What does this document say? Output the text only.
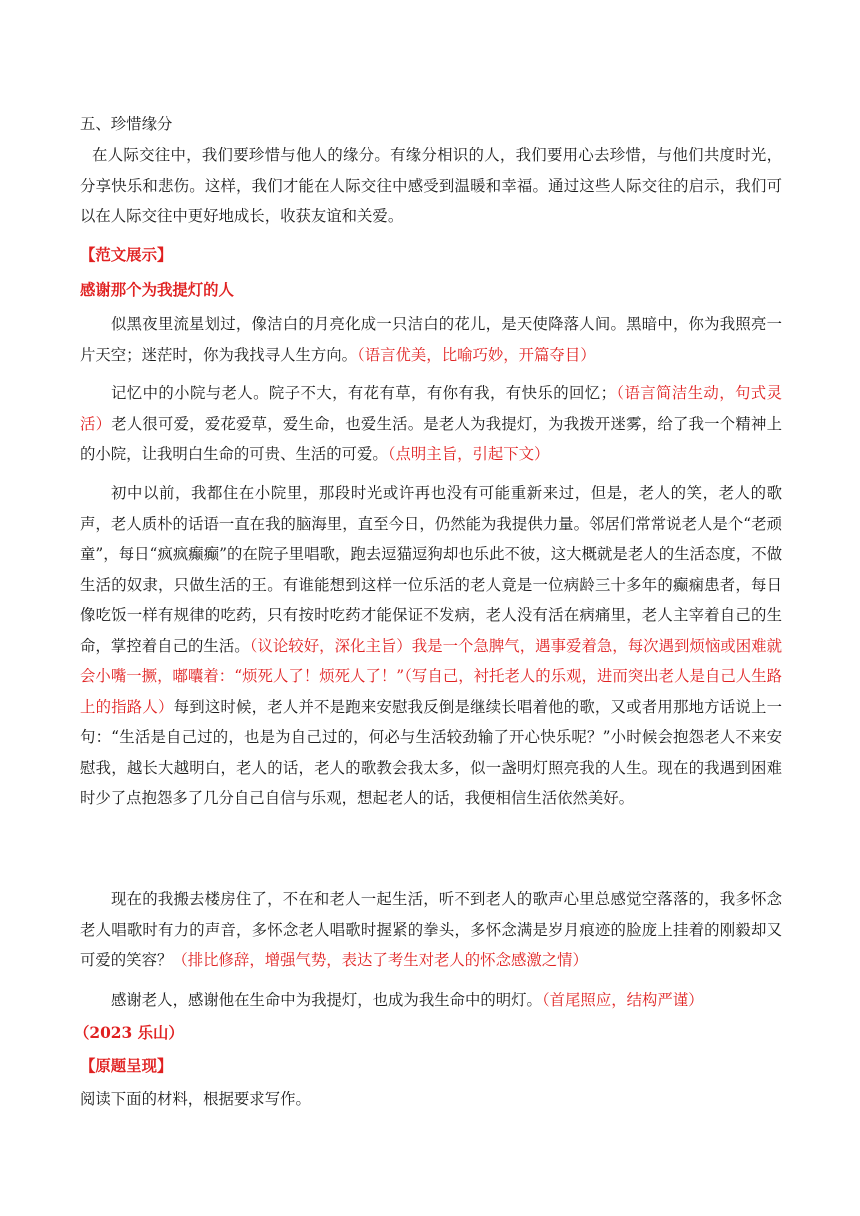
五、珍惜缘分

在人际交往中，我们要珍惜与他人的缘分。有缘分相识的人，我们要用心去珍惜，与他们共度时光，分享快乐和悲伤。这样，我们才能在人际交往中感受到温暖和幸福。通过这些人际交往的启示，我们可以在人际交往中更好地成长，收获友谊和关爱。

【范文展示】

感谢那个为我提灯的人

似黑夜里流星划过，像洁白的月亮化成一只洁白的花儿，是天使降落人间。黑暗中，你为我照亮一片天空；迷茫时，你为我找寻人生方向。（语言优美，比喻巧妙，开篇夺目）

记忆中的小院与老人。院子不大，有花有草，有你有我，有快乐的回忆；（语言简洁生动，句式灵活）老人很可爱，爱花爱草，爱生命，也爱生活。是老人为我提灯，为我拨开迷雾，给了我一个精神上的小院，让我明白生命的可贵、生活的可爱。（点明主旨，引起下文）

初中以前，我都住在小院里，那段时光或许再也没有可能重新来过，但是，老人的笑，老人的歌声，老人质朴的话语一直在我的脑海里，直至今日，仍然能为我提供力量。邻居们常常说老人是个“老顽童”，每日“疯疯癫癫”的在院子里唱歌，跑去逗猫逗狗却也乐此不彼，这大概就是老人的生活态度，不做生活的奴隶，只做生活的王。有谁能想到这样一位乐活的老人竟是一位病龄三十多年的癫痫患者，每日像吃饭一样有规律的吃药，只有按时吃药才能保证不发病，老人没有活在病痛里，老人主宰着自己的生命，掌控着自己的生活。（议论较好，深化主旨）我是一个急脾气，遇事爱着急，每次遇到烦恼或困难就会小嘴一撅，嘟囔着：“烦死人了！烦死人了！”（写自己，衬托老人的乐观，进而突出老人是自己人生路上的指路人）每到这时候，老人并不是跑来安慰我反倒是继续长唱着他的歌，又或者用那地方话说上一句：“生活是自己过的，也是为自己过的，何必与生活较劲输了开心快乐呢？”小时候会抱怨老人不来安慰我，越长大越明白，老人的话，老人的歌教会我太多，似一盏明灯照亮我的人生。现在的我遇到困难时少了点抱怨多了几分自己自信与乐观，想起老人的话，我便相信生活依然美好。

现在的我搬去楼房住了，不在和老人一起生活，听不到老人的歌声心里总感觉空落落的，我多怀念老人唱歌时有力的声音，多怀念老人唱歌时握紧的拳头，多怀念满是岁月痕迹的脸庞上挂着的刚毅却又可爱的笑容？（排比修辞，增强气势，表达了考生对老人的怀念感激之情）

感谢老人，感谢他在生命中为我提灯，也成为我生命中的明灯。（首尾照应，结构严谨）

（2023 乐山）

【原题呈现】

阅读下面的材料，根据要求写作。
